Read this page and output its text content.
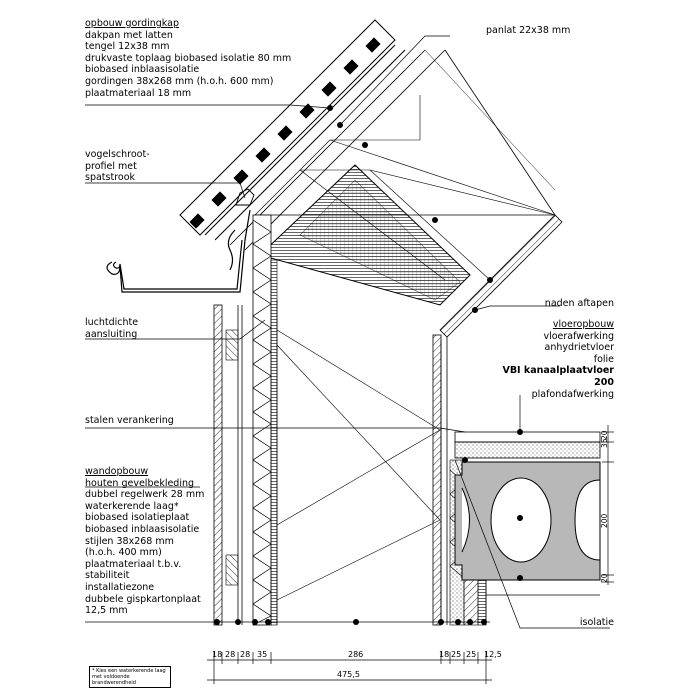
opbouw gordingkap
dakpan met latten
tengel 12x38 mm
drukvaste toplaag biobased isolatie 80 mm
biobased inblaasisolatie
gordingen 38x268 mm (h.o.h. 600 mm)
plaatmateriaal 18 mm
panlat 22x38 mm
vogelschroot-
profiel met
spatstrook
luchtdichte
aansluiting
naden aftapen
vloeropbouw
vloerafwerking
anhydrietvloer
folie
VBI kanaalplaatvloer
200
plafondafwerking
stalen verankering
wandopbouw
houten gevelbekleding
dubbel regelwerk 28 mm
waterkerende laag*
biobased isolatieplaat
biobased inblaasisolatie
stijlen 38x268 mm
(h.o.h. 400 mm)
plaatmateriaal t.b.v.
stabiliteit
installatiezone
dubbele gispkartonplaat
12,5 mm
isolatie
* Kies een waterkerende laag
met voldoende brandwerendheid
18 28 28 35	286	18 25 25 12,5
475,5
35
20
200
20
